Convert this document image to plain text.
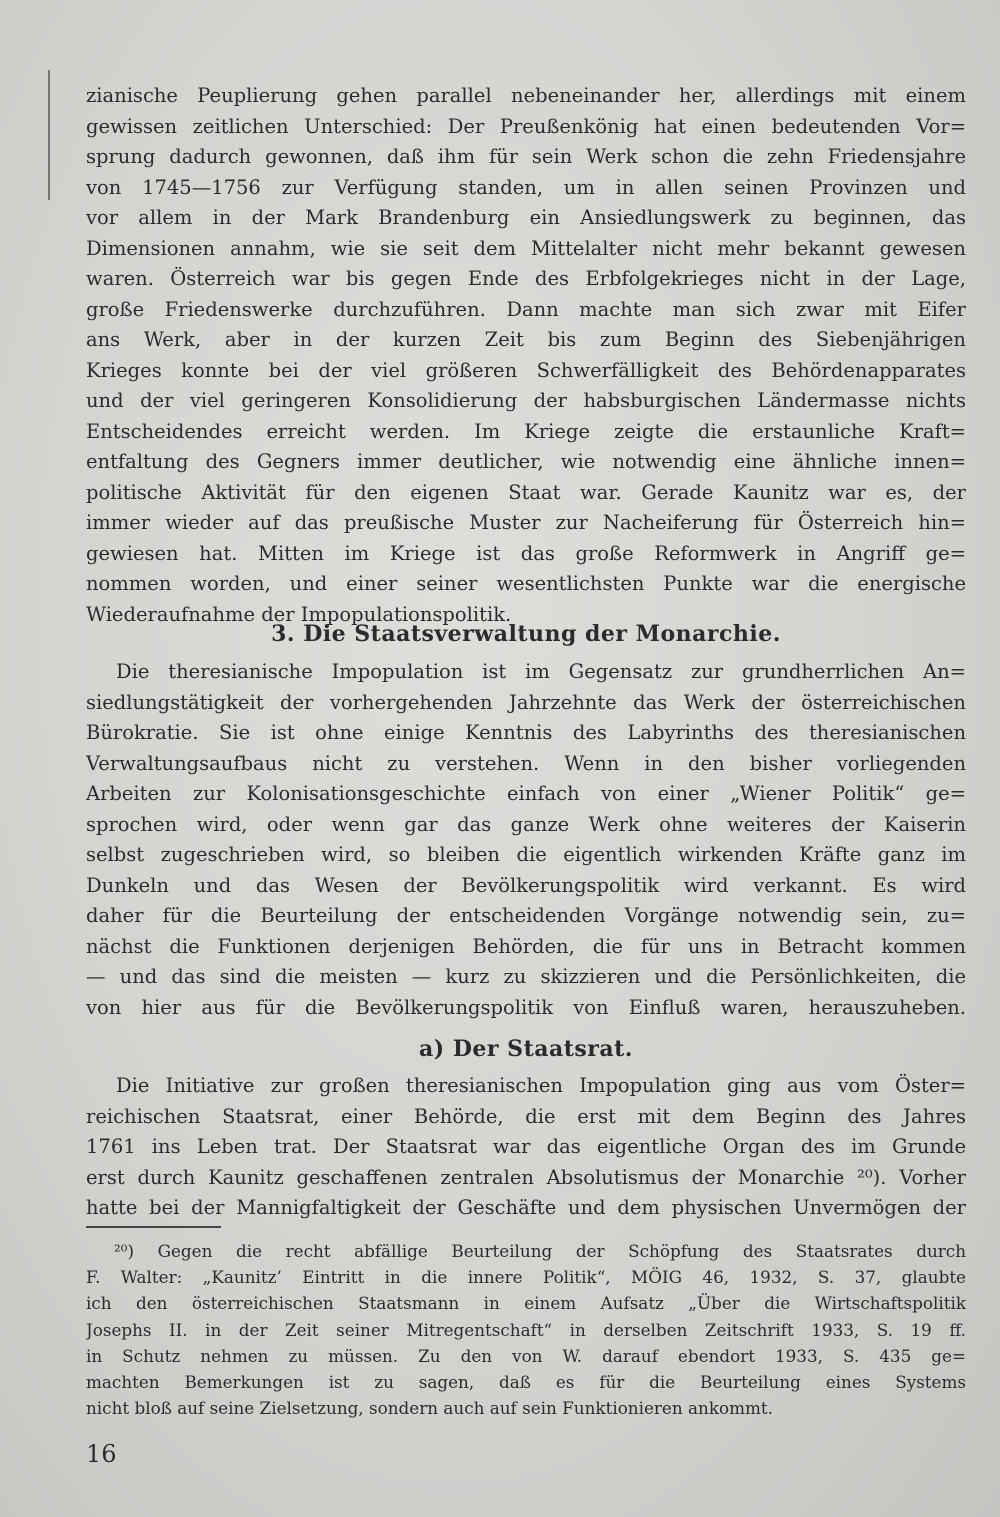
zianische Peuplierung gehen parallel nebeneinander her, allerdings mit einem
gewissen zeitlichen Unterschied: Der Preußenkönig hat einen bedeutenden Vor=
sprung dadurch gewonnen, daß ihm für sein Werk schon die zehn Friedensjahre
von 1745—1756 zur Verfügung standen, um in allen seinen Provinzen und
vor allem in der Mark Brandenburg ein Ansiedlungswerk zu beginnen, das
Dimensionen annahm, wie sie seit dem Mittelalter nicht mehr bekannt gewesen
waren. Österreich war bis gegen Ende des Erbfolgekrieges nicht in der Lage,
große Friedenswerke durchzuführen. Dann machte man sich zwar mit Eifer
ans Werk, aber in der kurzen Zeit bis zum Beginn des Siebenjährigen
Krieges konnte bei der viel größeren Schwerfälligkeit des Behördenapparates
und der viel geringeren Konsolidierung der habsburgischen Ländermasse nichts
Entscheidendes erreicht werden. Im Kriege zeigte die erstaunliche Kraft=
entfaltung des Gegners immer deutlicher, wie notwendig eine ähnliche innen=
politische Aktivität für den eigenen Staat war. Gerade Kaunitz war es, der
immer wieder auf das preußische Muster zur Nacheiferung für Österreich hin=
gewiesen hat. Mitten im Kriege ist das große Reformwerk in Angriff ge=
nommen worden, und einer seiner wesentlichsten Punkte war die energische
Wiederaufnahme der Impopulationspolitik.
3. Die Staatsverwaltung der Monarchie.
Die theresianische Impopulation ist im Gegensatz zur grundherrlichen An=
siedlungstätigkeit der vorhergehenden Jahrzehnte das Werk der österreichischen
Bürokratie. Sie ist ohne einige Kenntnis des Labyrinths des theresianischen
Verwaltungsaufbaus nicht zu verstehen. Wenn in den bisher vorliegenden
Arbeiten zur Kolonisationsgeschichte einfach von einer „Wiener Politik“ ge=
sprochen wird, oder wenn gar das ganze Werk ohne weiteres der Kaiserin
selbst zugeschrieben wird, so bleiben die eigentlich wirkenden Kräfte ganz im
Dunkeln und das Wesen der Bevölkerungspolitik wird verkannt. Es wird
daher für die Beurteilung der entscheidenden Vorgänge notwendig sein, zu=
nächst die Funktionen derjenigen Behörden, die für uns in Betracht kommen
— und das sind die meisten — kurz zu skizzieren und die Persönlichkeiten, die
von hier aus für die Bevölkerungspolitik von Einfluß waren, herauszuheben.
a) Der Staatsrat.
Die Initiative zur großen theresianischen Impopulation ging aus vom Öster=
reichischen Staatsrat, einer Behörde, die erst mit dem Beginn des Jahres
1761 ins Leben trat. Der Staatsrat war das eigentliche Organ des im Grunde
erst durch Kaunitz geschaffenen zentralen Absolutismus der Monarchie ²⁰). Vorher
hatte bei der Mannigfaltigkeit der Geschäfte und dem physischen Unvermögen der
²⁰) Gegen die recht abfällige Beurteilung der Schöpfung des Staatsrates durch
F. Walter: „Kaunitz’ Eintritt in die innere Politik“, MÖIG 46, 1932, S. 37, glaubte
ich den österreichischen Staatsmann in einem Aufsatz „Über die Wirtschaftspolitik
Josephs II. in der Zeit seiner Mitregentschaft“ in derselben Zeitschrift 1933, S. 19 ff.
in Schutz nehmen zu müssen. Zu den von W. darauf ebendort 1933, S. 435 ge=
machten Bemerkungen ist zu sagen, daß es für die Beurteilung eines Systems
nicht bloß auf seine Zielsetzung, sondern auch auf sein Funktionieren ankommt.
16
